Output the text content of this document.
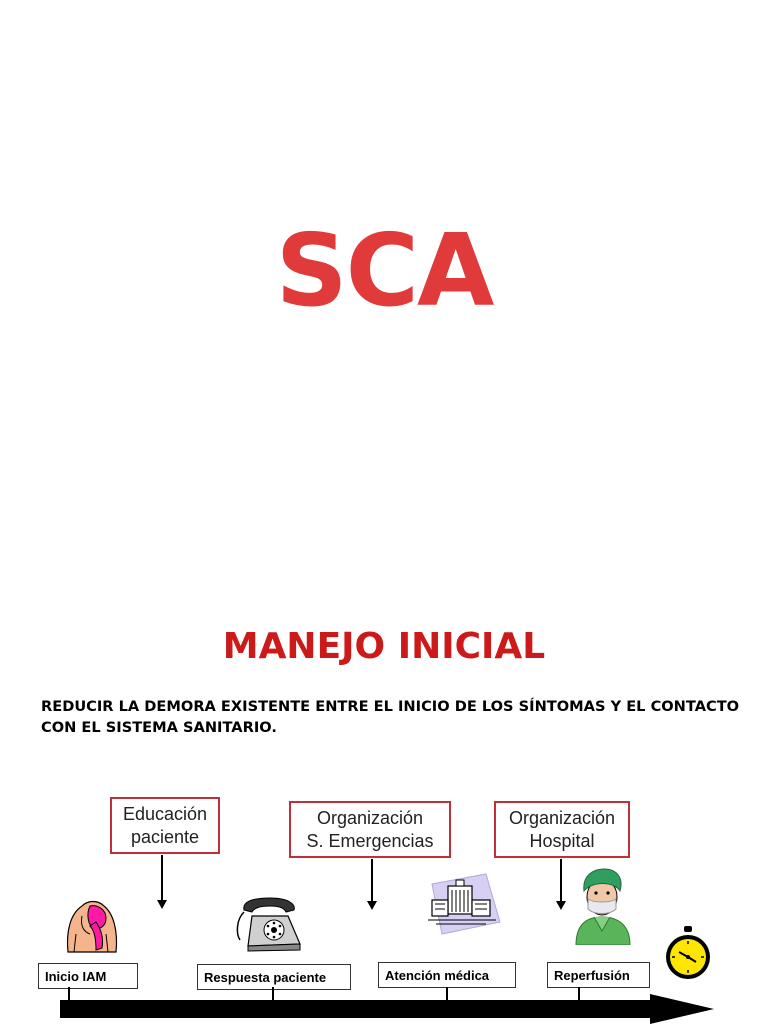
SCA
MANEJO INICIAL
REDUCIR LA DEMORA EXISTENTE ENTRE EL INICIO DE LOS SÍNTOMAS Y EL CONTACTO
CON EL SISTEMA SANITARIO.
Educación
paciente
Organización
S. Emergencias
Organización
Hospital
Inicio IAM	Respuesta paciente	Atención médica	Reperfusión
